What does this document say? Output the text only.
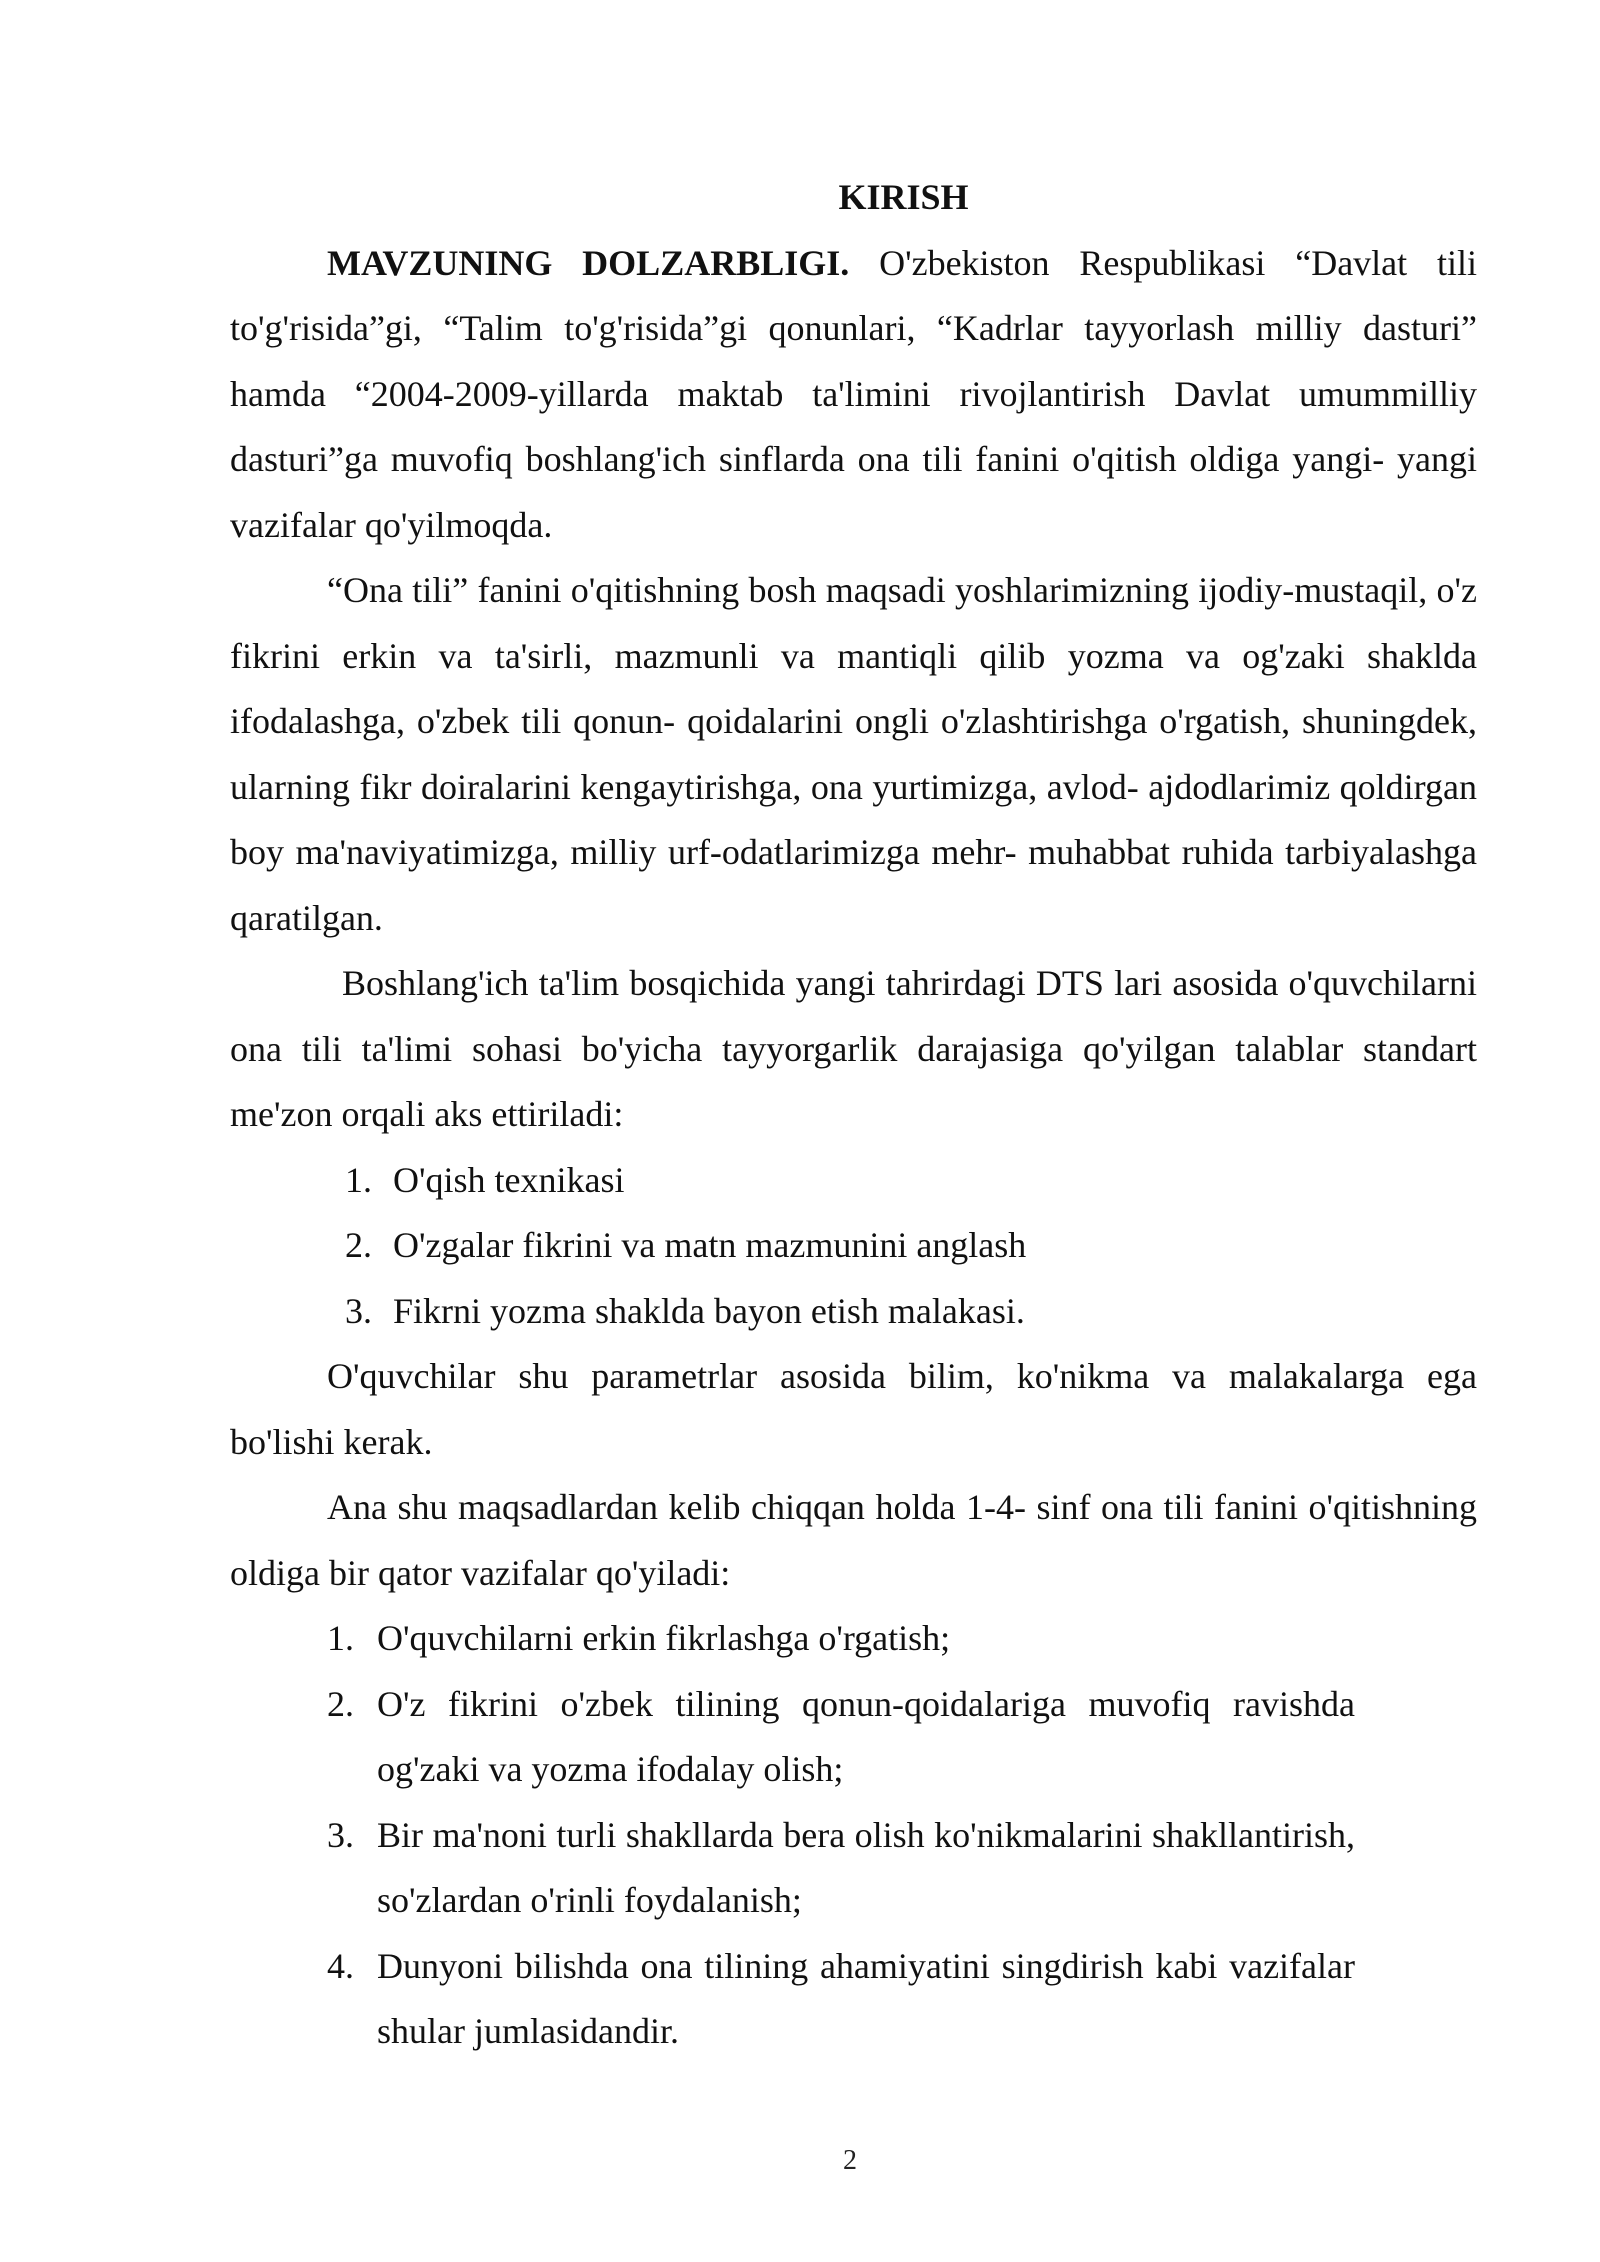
KIRISH

MAVZUNING DOLZARBLIGI. O'zbekiston Respublikasi “Davlat tili to'g'risida”gi, “Talim to'g'risida”gi qonunlari, “Kadrlar tayyorlash milliy dasturi” hamda “2004-2009-yillarda maktab ta'limini rivojlantirish Davlat umummilliy dasturi”ga muvofiq boshlang'ich sinflarda ona tili fanini o'qitish oldiga yangi- yangi vazifalar qo'yilmoqda.

“Ona tili” fanini o'qitishning bosh maqsadi yoshlarimizning ijodiy-mustaqil, o'z fikrini erkin va ta'sirli, mazmunli va mantiqli qilib yozma va og'zaki shaklda ifodalashga, o'zbek tili qonun- qoidalarini ongli o'zlashtirishga o'rgatish, shuningdek, ularning fikr doiralarini kengaytirishga, ona yurtimizga, avlod- ajdodlarimiz qoldirgan boy ma'naviyatimizga, milliy urf-odatlarimizga mehr- muhabbat ruhida tarbiyalashga qaratilgan.

Boshlang'ich ta'lim bosqichida yangi tahrirdagi DTS lari asosida o'quvchilarni ona tili ta'limi sohasi bo'yicha tayyorgarlik darajasiga qo'yilgan talablar standart me'zon orqali aks ettiriladi:

1. O'qish texnikasi
2. O'zgalar fikrini va matn mazmunini anglash
3. Fikrni yozma shaklda bayon etish malakasi.

O'quvchilar shu parametrlar asosida bilim, ko'nikma va malakalarga ega bo'lishi kerak.

Ana shu maqsadlardan kelib chiqqan holda 1-4- sinf ona tili fanini o'qitishning oldiga bir qator vazifalar qo'yiladi:

1. O'quvchilarni erkin fikrlashga o'rgatish;
2. O'z fikrini o'zbek tilining qonun-qoidalariga muvofiq ravishda og'zaki va yozma ifodalay olish;
3. Bir ma'noni turli shakllarda bera olish ko'nikmalarini shakllantirish, so'zlardan o'rinli foydalanish;
4. Dunyoni bilishda ona tilining ahamiyatini singdirish kabi vazifalar shular jumlasidandir.
2
